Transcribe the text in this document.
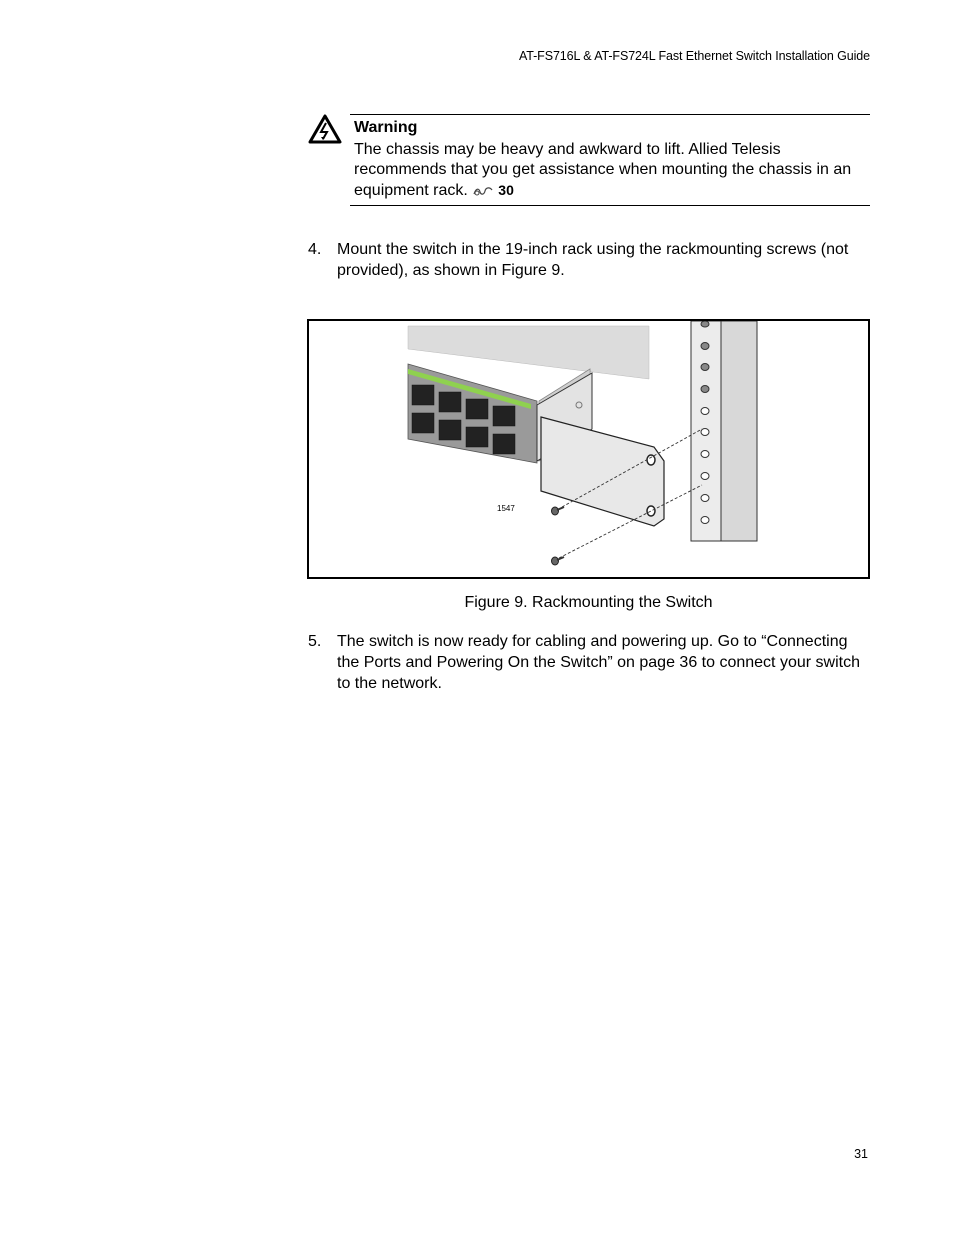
AT-FS716L & AT-FS724L Fast Ethernet Switch Installation Guide
Warning
The chassis may be heavy and awkward to lift. Allied Telesis recommends that you get assistance when mounting the chassis in an equipment rack. 30
4. Mount the switch in the 19-inch rack using the rackmounting screws (not provided), as shown in Figure 9.
1547
Figure 9. Rackmounting the Switch
5. The switch is now ready for cabling and powering up. Go to “Connecting the Ports and Powering On the Switch” on page 36 to connect your switch to the network.
31
